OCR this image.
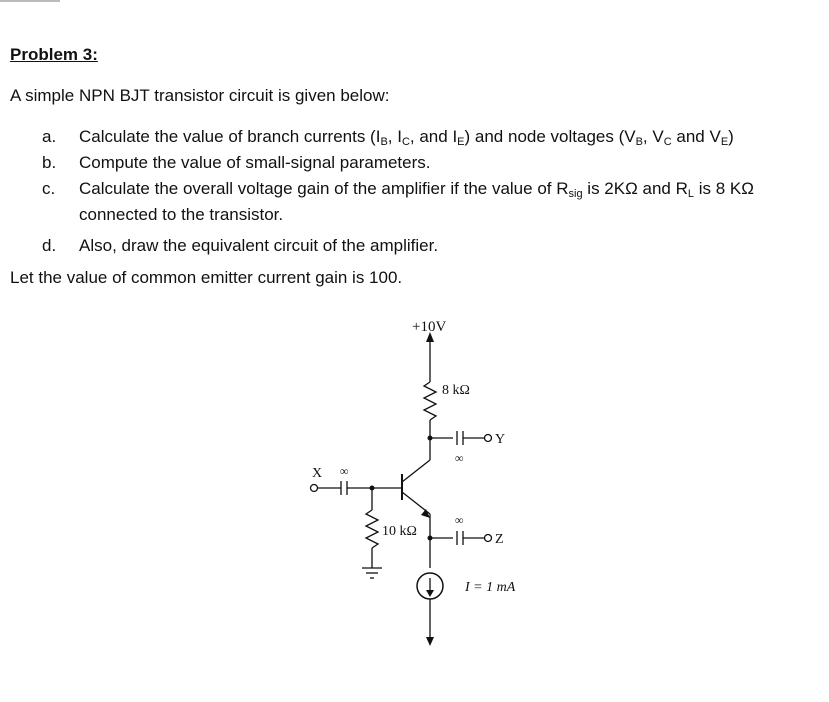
Problem 3:
A simple NPN BJT transistor circuit is given below:
a. Calculate the value of branch currents ($I_B$, $I_C$, and $I_E$) and node voltages ($V_B$, $V_C$ and $V_E$)
b. Compute the value of small-signal parameters.
c. Calculate the overall voltage gain of the amplifier if the value of $R_{sig}$ is 2KΩ and $R_L$ is 8 KΩ connected to the transistor.
d. Also, draw the equivalent circuit of the amplifier.
Let the value of common emitter current gain is 100.
+10V
8 kΩ
10 kΩ
I = 1 mA
X
Y
Z
∞
∞
∞
